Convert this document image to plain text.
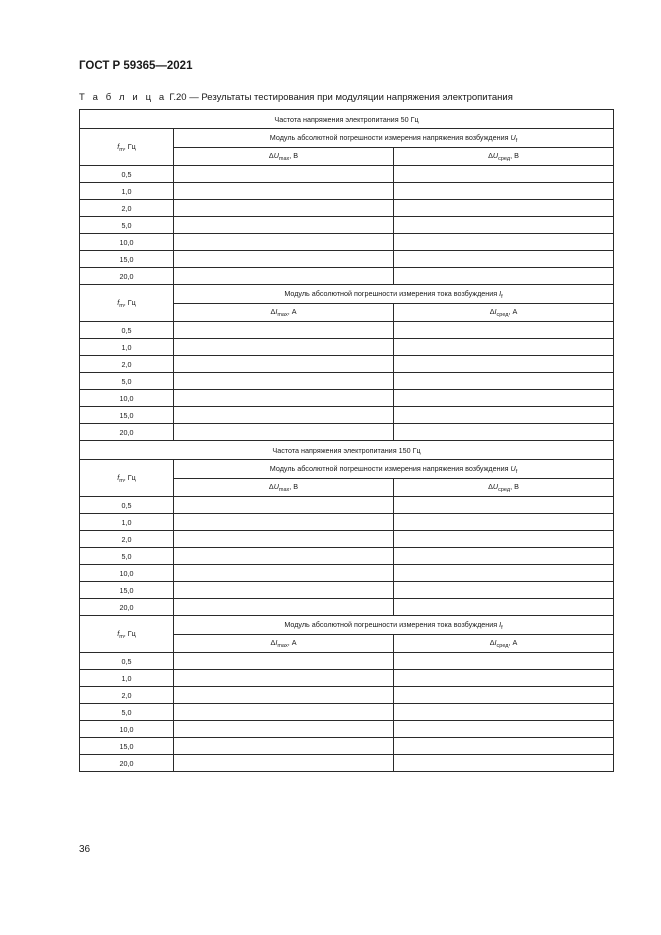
ГОСТ Р 59365—2021
Т а б л и ц а Г.20 — Результаты тестирования при модуляции напряжения электропитания
Частота напряжения электропитания 50 Гц		
$f_m$, Гц	Модуль абсолютной погрешности измерения напряжения возбуждения $U_f$
	$\Delta U_{max}$, В	$\Delta U_{сред}$, В
0,5		
1,0		
2,0		
5,0		
10,0		
15,0		
20,0		
$f_m$, Гц	Модуль абсолютной погрешности измерения тока возбуждения $I_f$
	$\Delta I_{max}$, А	$\Delta I_{сред}$, А
0,5		
1,0		
2,0		
5,0		
10,0		
15,0		
20,0		
Частота напряжения электропитания 150 Гц		
$f_m$, Гц	Модуль абсолютной погрешности измерения напряжения возбуждения $U_f$
	$\Delta U_{max}$, В	$\Delta U_{сред}$, В
0,5		
1,0		
2,0		
5,0		
10,0		
15,0		
20,0		
$f_m$, Гц	Модуль абсолютной погрешности измерения тока возбуждения $I_f$
	$\Delta I_{max}$, А	$\Delta I_{сред}$, А
0,5		
1,0		
2,0		
5,0		
10,0		
15,0		
20,0		
36
